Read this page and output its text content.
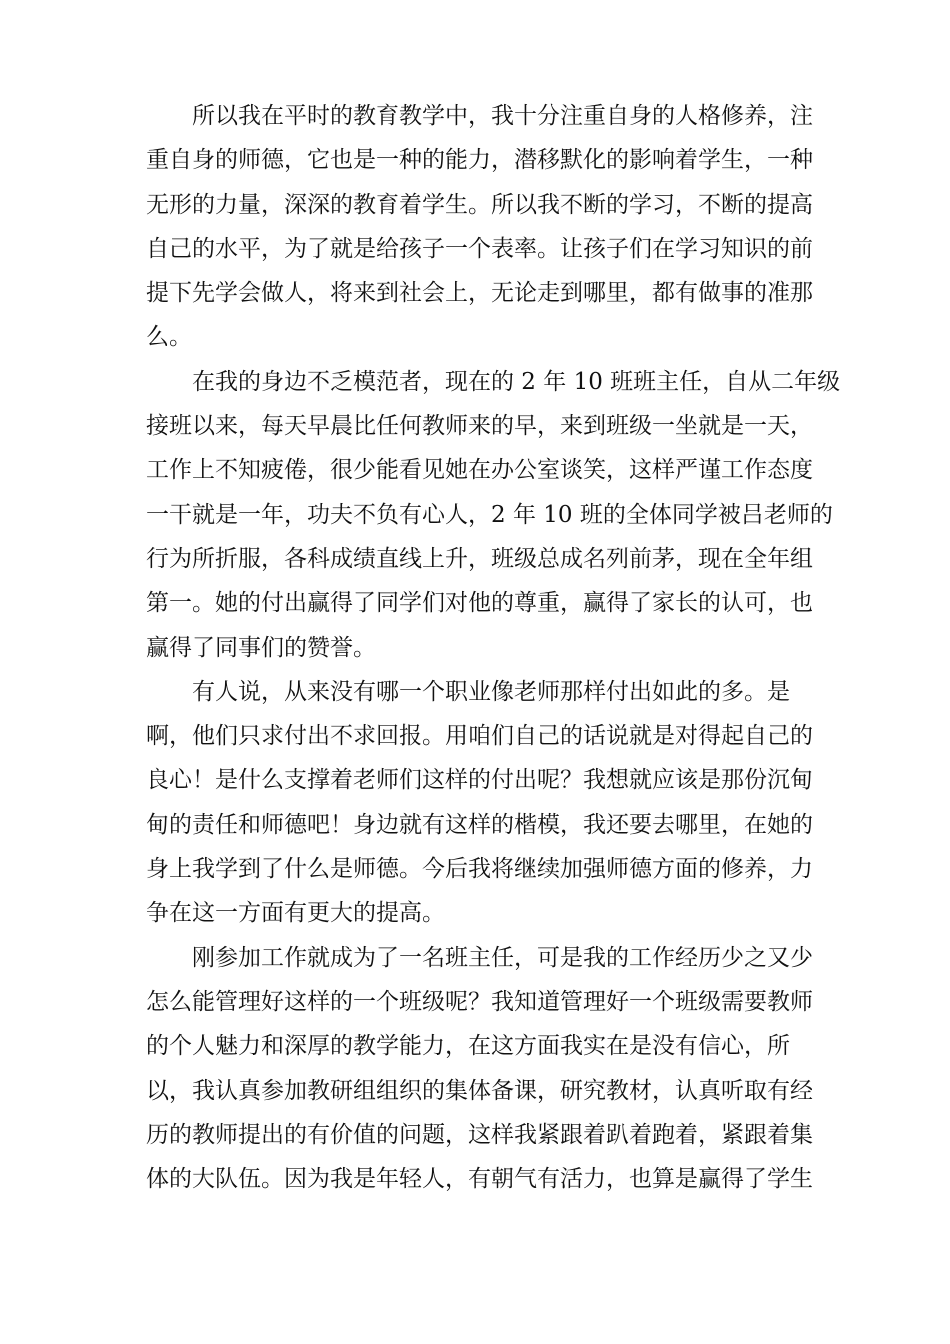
所以我在平时的教育教学中，我十分注重自身的人格修养，注
重自身的师德，它也是一种的能力，潜移默化的影响着学生，一种
无形的力量，深深的教育着学生。所以我不断的学习，不断的提高
自己的水平，为了就是给孩子一个表率。让孩子们在学习知识的前
提下先学会做人，将来到社会上，无论走到哪里，都有做事的准那
么。
在我的身边不乏模范者，现在的 2 年 10 班班主任，自从二年级
接班以来，每天早晨比任何教师来的早，来到班级一坐就是一天，
工作上不知疲倦，很少能看见她在办公室谈笑，这样严谨工作态度
一干就是一年，功夫不负有心人，2 年 10 班的全体同学被吕老师的
行为所折服，各科成绩直线上升，班级总成名列前茅，现在全年组
第一。她的付出赢得了同学们对他的尊重，赢得了家长的认可，也
赢得了同事们的赞誉。
有人说，从来没有哪一个职业像老师那样付出如此的多。是
啊，他们只求付出不求回报。用咱们自己的话说就是对得起自己的
良心！是什么支撑着老师们这样的付出呢？我想就应该是那份沉甸
甸的责任和师德吧！身边就有这样的楷模，我还要去哪里，在她的
身上我学到了什么是师德。今后我将继续加强师德方面的修养，力
争在这一方面有更大的提高。
刚参加工作就成为了一名班主任，可是我的工作经历少之又少
怎么能管理好这样的一个班级呢？我知道管理好一个班级需要教师
的个人魅力和深厚的教学能力，在这方面我实在是没有信心，所
以，我认真参加教研组组织的集体备课，研究教材，认真听取有经
历的教师提出的有价值的问题，这样我紧跟着趴着跑着，紧跟着集
体的大队伍。因为我是年轻人，有朝气有活力，也算是赢得了学生
